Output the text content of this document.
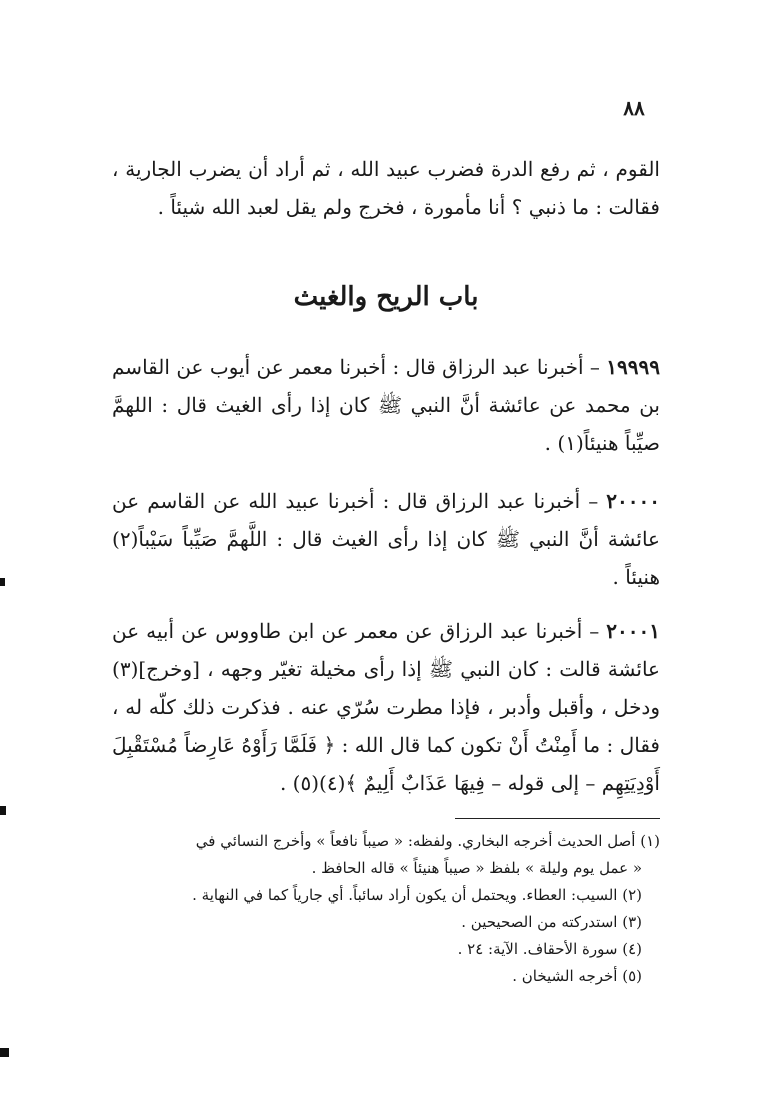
٨٨

القوم ، ثم رفع الدرة فضرب عبيد الله ، ثم أراد أن يضرب الجارية ، فقالت : ما ذنبي ؟ أنا مأمورة ، فخرج ولم يقل لعبد الله شيئاً .

باب الريح والغيث

١٩٩٩٩ – أخبرنا عبد الرزاق قال : أخبرنا معمر عن أيوب عن القاسم بن محمد عن عائشة أنَّ النبي ﷺ كان إذا رأى الغيث قال : اللهمَّ صيِّباً هنيئاً(١) .

٢٠٠٠٠ – أخبرنا عبد الرزاق قال : أخبرنا عبيد الله عن القاسم عن عائشة أنَّ النبي ﷺ كان إذا رأى الغيث قال : اللَّهمَّ صَيِّباً سَيْباً(٢) هنيئاً .

٢٠٠٠١ – أخبرنا عبد الرزاق عن معمر عن ابن طاووس عن أبيه عن عائشة قالت : كان النبي ﷺ إذا رأى مخيلة تغيّر وجهه ، [وخرج](٣) ودخل ، وأقبل وأدبر ، فإذا مطرت سُرّي عنه . فذكرت ذلك كلّه له ، فقال : ما أَمِنْتُ أَنْ تكون كما قال الله : ﴿ فَلَمَّا رَأَوْهُ عَارِضاً مُسْتَقْبِلَ أَوْدِيَتِهِم – إلى قوله – فِيهَا عَذَابٌ أَلِيمٌ ﴾(٤)(٥) .

(١) أصل الحديث أخرجه البخاري. ولفظه: « صيباً نافعاً » وأخرج النسائي في

« عمل يوم وليلة » بلفظ « صيباً هنيئاً » قاله الحافظ .

(٢) السيب: العطاء. ويحتمل أن يكون أراد سائباً. أي جارياً كما في النهاية .

(٣) استدركته من الصحيحين .

(٤) سورة الأحقاف. الآية: ٢٤ .

(٥) أخرجه الشيخان .
